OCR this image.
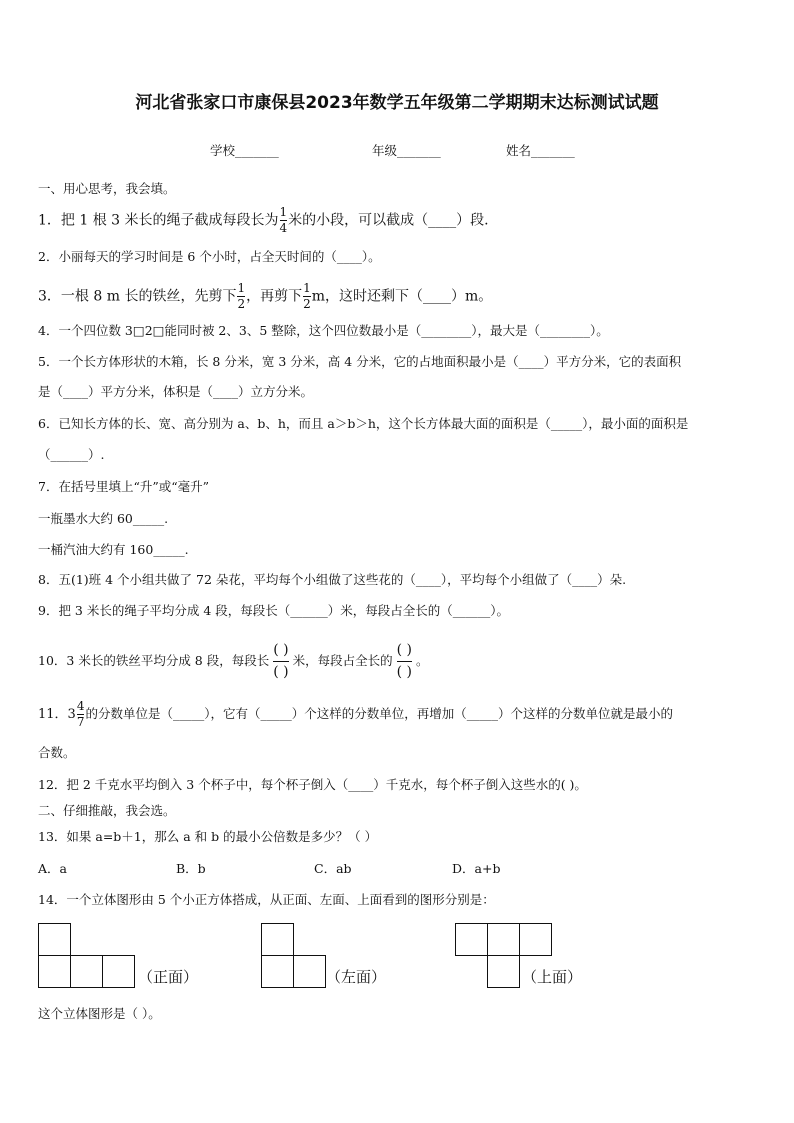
河北省张家口市康保县2023年数学五年级第二学期期末达标测试试题
学校_______	年级_______	姓名_______
一、用心思考，我会填。
1．把 1 根 3 米长的绳子截成每段长为 $\frac{1}{4}$ 米的小段，可以截成（____）段.
2．小丽每天的学习时间是 6 个小时，占全天时间的（____）。
3．一根 8 m 长的铁丝，先剪下 $\frac{1}{2}$ ，再剪下 $\frac{1}{2}$ m，这时还剩下（____）m。
4．一个四位数 3□2□能同时被 2、3、5 整除，这个四位数最小是（________），最大是（________）。
5．一个长方体形状的木箱，长 8 分米，宽 3 分米，高 4 分米，它的占地面积最小是（____）平方分米，它的表面积
是（____）平方分米，体积是（____）立方分米。
6．已知长方体的长、宽、高分别为 a、b、h，而且 a＞b＞h，这个长方体最大面的面积是（_____），最小面的面积是
（______）.
7．在括号里填上“升”或“毫升”
一瓶墨水大约 60_____.
一桶汽油大约有 160_____.
8．五(1)班 4 个小组共做了 72 朵花，平均每个小组做了这些花的（____），平均每个小组做了（____）朵.
9．把 3 米长的绳子平均分成 4 段，每段长（______）米，每段占全长的（______）。
10．3 米长的铁丝平均分成 8 段，每段长
( )
( )
米，每段占全长的
( )
( )
。
11．$3 \frac{4}{7}$ 的分数单位是（_____），它有（_____）个这样的分数单位，再增加（_____）个这样的分数单位就是最小的
合数。
12．把 2 千克水平均倒入 3 个杯子中，每个杯子倒入（____）千克水，每个杯子倒入这些水的( )。
二、仔细推敲，我会选。
13．如果 a=b＋1，那么 a 和 b 的最小公倍数是多少？（ ）
A．a	B．b	C．ab	D．a+b
14．一个立体图形由 5 个小正方体搭成，从正面、左面、上面看到的图形分别是：
（正面）	（左面）	（上面）
这个立体图形是（ ）。
